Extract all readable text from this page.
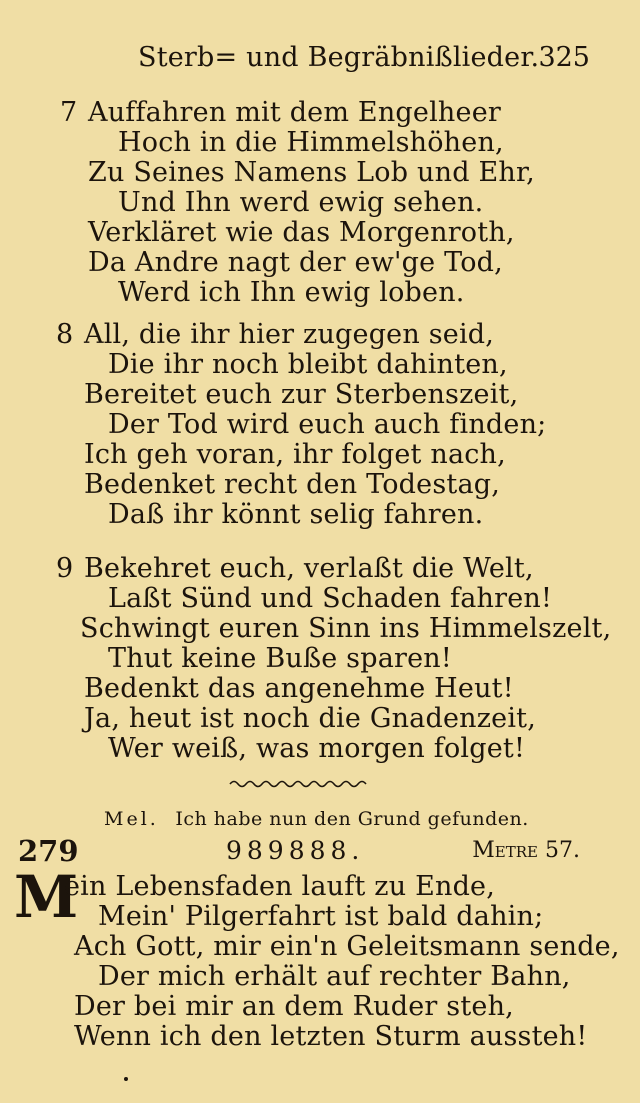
Sterb= und Begräbnißlieder. 325
7 Auffahren mit dem Engelheer
Hoch in die Himmelshöhen,
Zu Seines Namens Lob und Ehr,
Und Ihn werd ewig sehen.
Verkläret wie das Morgenroth,
Da Andre nagt der ew'ge Tod,
Werd ich Ihn ewig loben.
8 All, die ihr hier zugegen seid,
Die ihr noch bleibt dahinten,
Bereitet euch zur Sterbenszeit,
Der Tod wird euch auch finden;
Ich geh voran, ihr folget nach,
Bedenket recht den Todestag,
Daß ihr könnt selig fahren.
9 Bekehret euch, verlaßt die Welt,
Laßt Sünd und Schaden fahren!
Schwingt euren Sinn ins Himmelszelt,
Thut keine Buße sparen!
Bedenkt das angenehme Heut!
Ja, heut ist noch die Gnadenzeit,
Wer weiß, was morgen folget!
Mel. Ich habe nun den Grund gefunden.
279	989888.	Metre 57.
M
ein Lebensfaden lauft zu Ende,
Mein' Pilgerfahrt ist bald dahin;
Ach Gott, mir ein'n Geleitsmann sende,
Der mich erhält auf rechter Bahn,
Der bei mir an dem Ruder steh,
Wenn ich den letzten Sturm aussteh!
